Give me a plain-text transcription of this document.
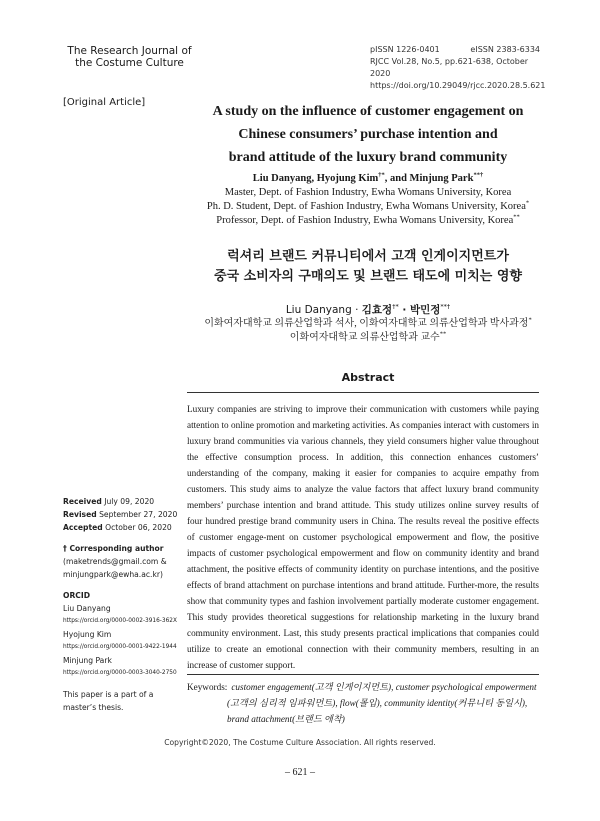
The Research Journal of
the Costume Culture
pISSN 1226-0401	eISSN 2383-6334
RJCC Vol.28, No.5, pp.621-638, October 2020
https://doi.org/10.29049/rjcc.2020.28.5.621
[Original Article]
A study on the influence of customer engagement on
Chinese consumers’ purchase intention and
brand attitude of the luxury brand community
Liu Danyang, Hyojung Kim†*, and Minjung Park**†
Master, Dept. of Fashion Industry, Ewha Womans University, Korea
Ph. D. Student, Dept. of Fashion Industry, Ewha Womans University, Korea*
Professor, Dept. of Fashion Industry, Ewha Womans University, Korea**
럭셔리 브랜드 커뮤니티에서 고객 인게이지먼트가
중국 소비자의 구매의도 및 브랜드 태도에 미치는 영향
Liu Danyang · 김효정†* · 박민정**†
이화여자대학교 의류산업학과 석사, 이화여자대학교 의류산업학과 박사과정*
이화여자대학교 의류산업학과 교수**
Abstract
Luxury companies are striving to improve their communication with customers while paying attention to online promotion and marketing activities. As companies interact with customers in luxury brand communities via various channels, they yield consumers higher value throughout the effective consumption process. In addition, this connection enhances customers’ understanding of the company, making it easier for companies to acquire empathy from customers. This study aims to analyze the value factors that affect luxury brand community members’ purchase intention and brand attitude. This study utilizes online survey results of four hundred prestige brand community users in China. The results reveal the positive effects of customer engage-ment on customer psychological empowerment and flow, the positive impacts of customer psychological empowerment and flow on community identity and brand attachment, the positive effects of community identity on purchase intentions, and the positive effects of brand attachment on purchase intentions and brand attitude. Further-more, the results show that community types and fashion involvement partially moderate customer engagement. This study provides theoretical suggestions for relationship marketing in the luxury brand community environment. Last, this study presents practical implications that companies could utilize to create an emotional connection with their community members, resulting in an increase of customer support.
Keywords: customer engagement(고객 인게이지먼트), customer psychological empowerment
(고객의 심리적 임파워먼트), flow(몰입), community identity(커뮤니티 동일시),
brand attachment(브랜드 애착)
Received July 09, 2020
Revised September 27, 2020
Accepted October 06, 2020
† Corresponding author
(maketrends@gmail.com &
minjungpark@ewha.ac.kr)
ORCID
Liu Danyang
https://orcid.org/0000-0002-3916-362X
Hyojung Kim
https://orcid.org/0000-0001-9422-1944
Minjung Park
https://orcid.org/0000-0003-3040-2750
This paper is a part of a
master’s thesis.
Copyright©2020, The Costume Culture Association. All rights reserved.
– 621 –
